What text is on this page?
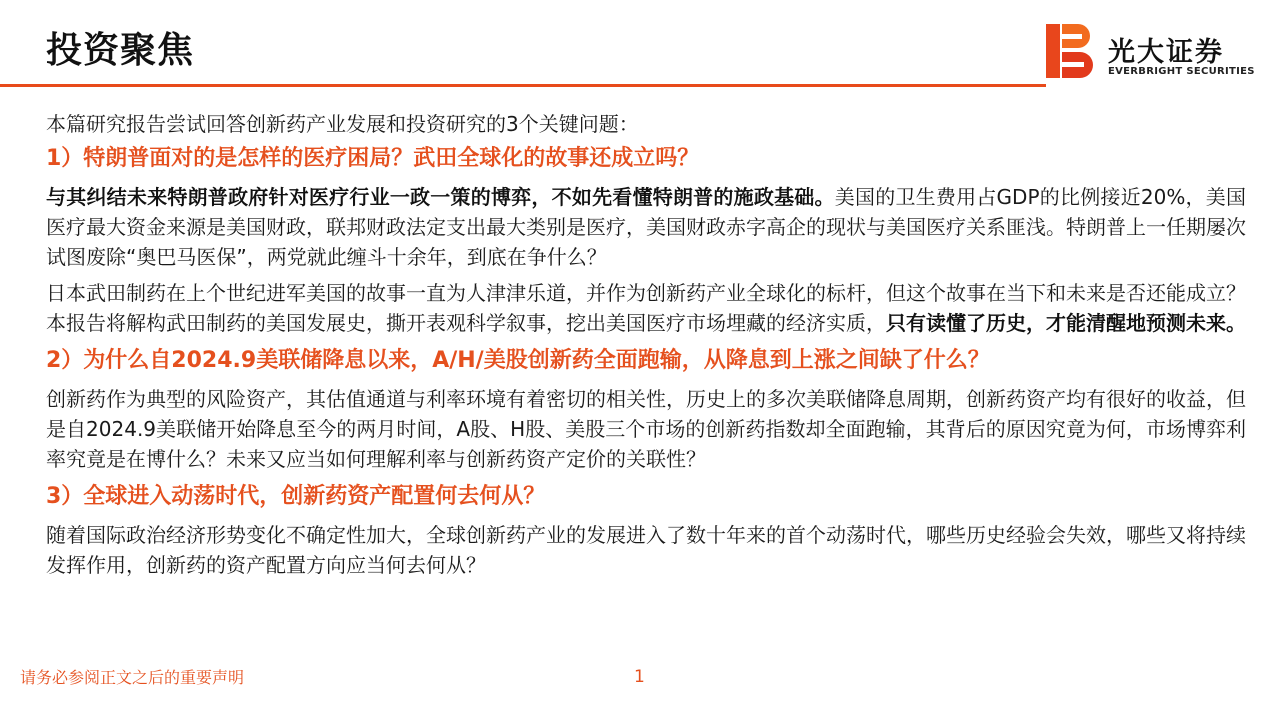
投资聚焦	光大证券
EVERBRIGHT SECURITIES
本篇研究报告尝试回答创新药产业发展和投资研究的3个关键问题：
1）特朗普面对的是怎样的医疗困局？武田全球化的故事还成立吗？
与其纠结未来特朗普政府针对医疗行业一政一策的博弈，不如先看懂特朗普的施政基础。美国的卫生费用占GDP的比例接近20%，美国医疗最大资金来源是美国财政，联邦财政法定支出最大类别是医疗，美国财政赤字高企的现状与美国医疗关系匪浅。特朗普上一任期屡次试图废除“奥巴马医保”，两党就此缠斗十余年，到底在争什么？
日本武田制药在上个世纪进军美国的故事一直为人津津乐道，并作为创新药产业全球化的标杆，但这个故事在当下和未来是否还能成立？本报告将解构武田制药的美国发展史，撕开表观科学叙事，挖出美国医疗市场埋藏的经济实质，只有读懂了历史，才能清醒地预测未来。
2）为什么自2024.9美联储降息以来，A/H/美股创新药全面跑输，从降息到上涨之间缺了什么？
创新药作为典型的风险资产，其估值通道与利率环境有着密切的相关性，历史上的多次美联储降息周期，创新药资产均有很好的收益，但是自2024.9美联储开始降息至今的两月时间，A股、H股、美股三个市场的创新药指数却全面跑输，其背后的原因究竟为何，市场博弈利率究竟是在博什么？未来又应当如何理解利率与创新药资产定价的关联性？
3）全球进入动荡时代，创新药资产配置何去何从？
随着国际政治经济形势变化不确定性加大，全球创新药产业的发展进入了数十年来的首个动荡时代，哪些历史经验会失效，哪些又将持续发挥作用，创新药的资产配置方向应当何去何从？
请务必参阅正文之后的重要声明	1
